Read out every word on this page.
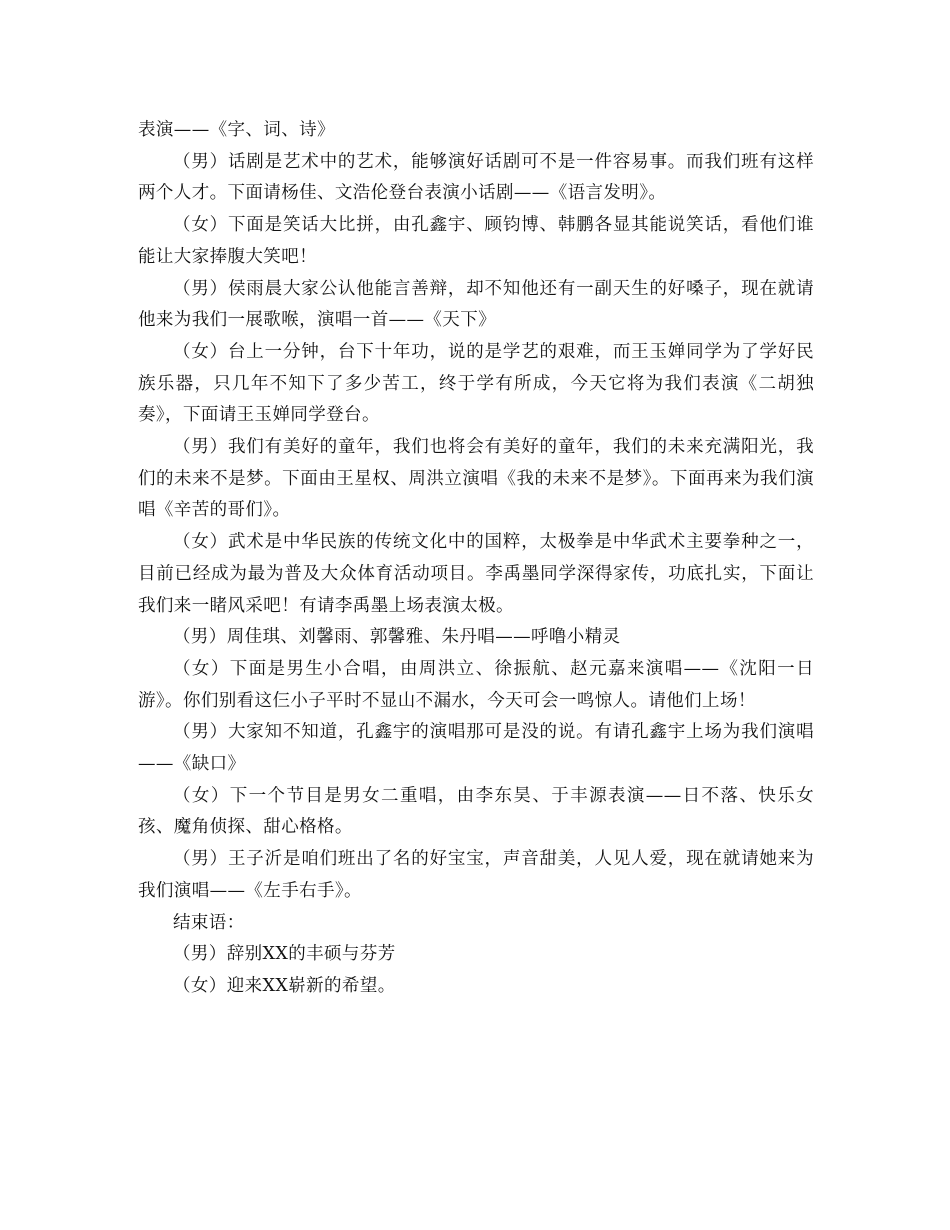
表演——《字、词、诗》

（男）话剧是艺术中的艺术，能够演好话剧可不是一件容易事。而我们班有这样两个人才。下面请杨佳、文浩伦登台表演小话剧——《语言发明》。

（女）下面是笑话大比拼，由孔鑫宇、顾钧博、韩鹏各显其能说笑话，看他们谁能让大家捧腹大笑吧！

（男）侯雨晨大家公认他能言善辩，却不知他还有一副天生的好嗓子，现在就请他来为我们一展歌喉，演唱一首——《天下》

（女）台上一分钟，台下十年功，说的是学艺的艰难，而王玉婵同学为了学好民族乐器，只几年不知下了多少苦工，终于学有所成，今天它将为我们表演《二胡独奏》，下面请王玉婵同学登台。

（男）我们有美好的童年，我们也将会有美好的童年，我们的未来充满阳光，我们的未来不是梦。下面由王星权、周洪立演唱《我的未来不是梦》。下面再来为我们演唱《辛苦的哥们》。

（女）武术是中华民族的传统文化中的国粹，太极拳是中华武术主要拳种之一，目前已经成为最为普及大众体育活动项目。李禹墨同学深得家传，功底扎实，下面让我们来一睹风采吧！有请李禹墨上场表演太极。

（男）周佳琪、刘馨雨、郭馨雅、朱丹唱——呼噜小精灵

（女）下面是男生小合唱，由周洪立、徐振航、赵元嘉来演唱——《沈阳一日游》。你们别看这仨小子平时不显山不漏水，今天可会一鸣惊人。请他们上场！

（男）大家知不知道，孔鑫宇的演唱那可是没的说。有请孔鑫宇上场为我们演唱——《缺口》

（女）下一个节目是男女二重唱，由李东昊、于丰源表演——日不落、快乐女孩、魔角侦探、甜心格格。

（男）王子沂是咱们班出了名的好宝宝，声音甜美，人见人爱，现在就请她来为我们演唱——《左手右手》。

结束语：

（男）辞别XX的丰硕与芬芳

（女）迎来XX崭新的希望。
